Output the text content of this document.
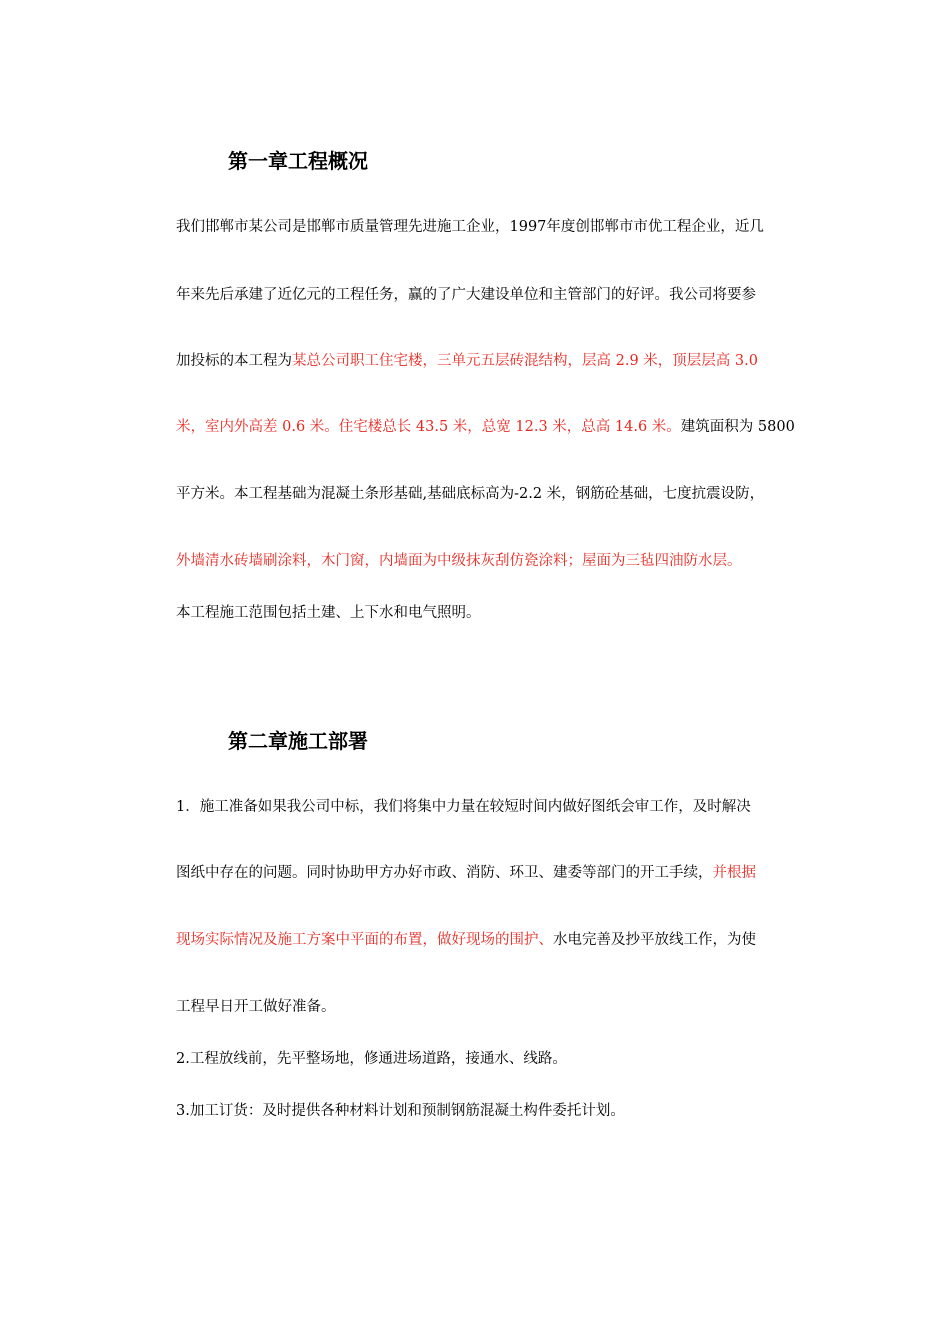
第一章工程概况
我们邯郸市某公司是邯郸市质量管理先进施工企业，1997年度创邯郸市市优工程企业，近几
年来先后承建了近亿元的工程任务，赢的了广大建设单位和主管部门的好评。我公司将要参
加投标的本工程为某总公司职工住宅楼，三单元五层砖混结构，层高 2.9 米，顶层层高 3.0
米，室内外高差 0.6 米。住宅楼总长 43.5 米，总宽 12.3 米，总高 14.6 米。建筑面积为 5800
平方米。本工程基础为混凝土条形基础,基础底标高为-2.2 米，钢筋砼基础，七度抗震设防，
外墙清水砖墙刷涂料，木门窗，内墙面为中级抹灰刮仿瓷涂料；屋面为三毡四油防水层。
本工程施工范围包括土建、上下水和电气照明。
第二章施工部署
1．施工准备如果我公司中标，我们将集中力量在较短时间内做好图纸会审工作，及时解决
图纸中存在的问题。同时协助甲方办好市政、消防、环卫、建委等部门的开工手续，并根据
现场实际情况及施工方案中平面的布置，做好现场的围护、水电完善及抄平放线工作，为使
工程早日开工做好准备。
2.工程放线前，先平整场地，修通进场道路，接通水、线路。
3.加工订货：及时提供各种材料计划和预制钢筋混凝土构件委托计划。
